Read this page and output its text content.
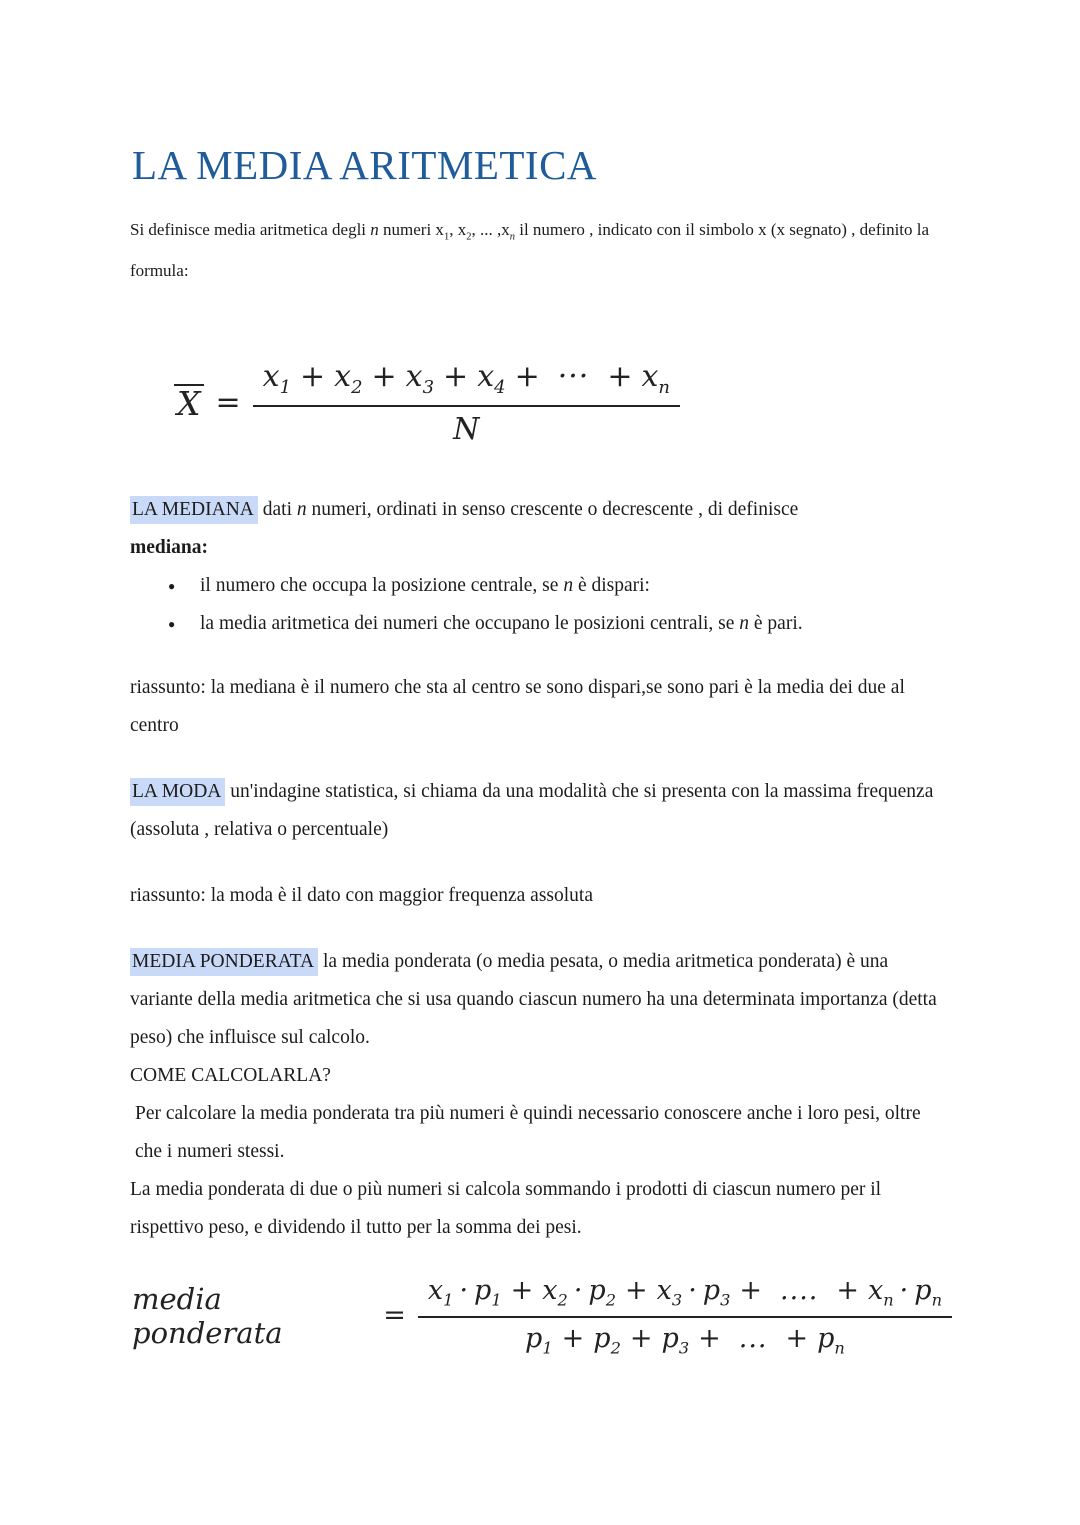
LA MEDIA ARITMETICA

Si definisce media aritmetica degli n numeri $x_1$, $x_2$, ... $,x_n$ il numero , indicato con il simbolo x (x segnato) , definito la formula:

$X = \frac{x_1 + x_2 + x_3 + x_4 + \cdot\cdot\cdot + x_n}{N}$

LA MEDIANA dati n numeri, ordinati in senso crescente o decrescente , di definisce
mediana:

●	il numero che occupa la posizione centrale, se n è dispari:
●	la media aritmetica dei numeri che occupano le posizioni centrali, se n è pari.

riassunto: la mediana è il numero che sta al centro se sono dispari,se sono pari è la media dei due al centro

LA MODA un'indagine statistica, si chiama da una modalità che si presenta con la massima frequenza (assoluta , relativa o percentuale)

riassunto: la moda è il dato con maggior frequenza assoluta

MEDIA PONDERATA la media ponderata (o media pesata, o media aritmetica ponderata) è una variante della media aritmetica che si usa quando ciascun numero ha una determinata importanza (detta peso) che influisce sul calcolo.

COME CALCOLARLA?

Per calcolare la media ponderata tra più numeri è quindi necessario conoscere anche i loro pesi, oltre che i numeri stessi.

La media ponderata di due o più numeri si calcola sommando i prodotti di ciascun numero per il rispettivo peso, e dividendo il tutto per la somma dei pesi.

media ponderata	= $\frac{x_1 \cdot p_1 + x_2 \cdot p_2 + x_3 \cdot p_3 + .... + x_n \cdot p_n}{p_1 + p_2 + p_3 + ... + p_n}$
